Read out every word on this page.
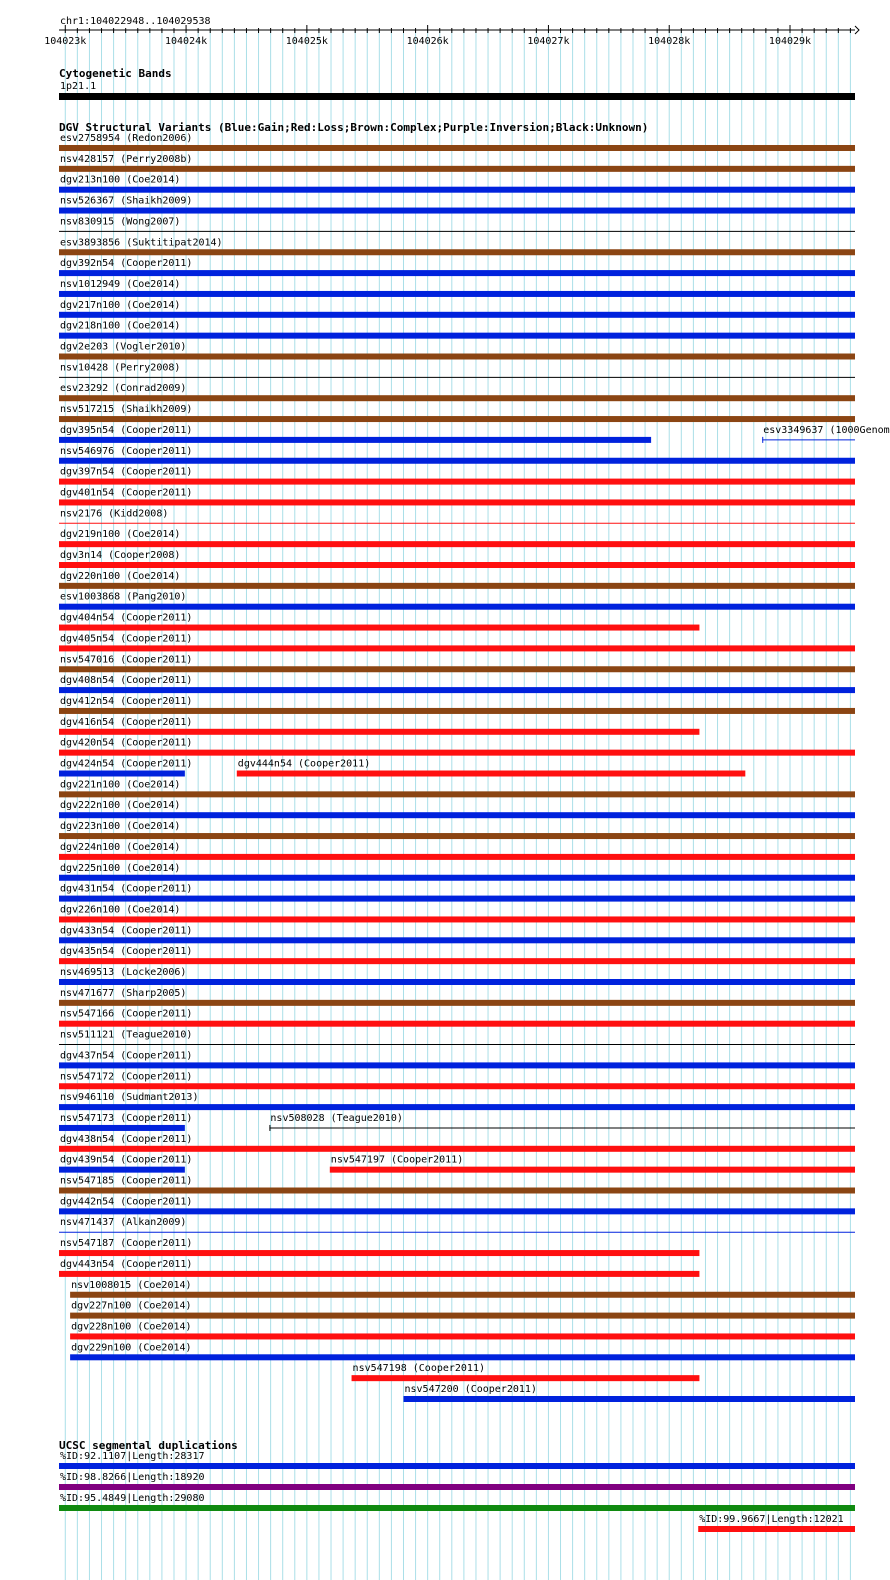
chr1:104022948..104029538
104023k	104024k	104025k	104026k	104027k	104028k	104029k
Cytogenetic Bands
1p21.1
DGV Structural Variants (Blue:Gain;Red:Loss;Brown:Complex;Purple:Inversion;Black:Unknown)
esv2758954 (Redon2006)
nsv428157 (Perry2008b)
dgv213n100 (Coe2014)
nsv526367 (Shaikh2009)
nsv830915 (Wong2007)
esv3893856 (Suktitipat2014)
dgv392n54 (Cooper2011)
nsv1012949 (Coe2014)
dgv217n100 (Coe2014)
dgv218n100 (Coe2014)
dgv2e203 (Vogler2010)
nsv10428 (Perry2008)
esv23292 (Conrad2009)
nsv517215 (Shaikh2009)
dgv395n54 (Cooper2011)	esv3349637 (1000Genom
nsv546976 (Cooper2011)
dgv397n54 (Cooper2011)
dgv401n54 (Cooper2011)
nsv2176 (Kidd2008)
dgv219n100 (Coe2014)
dgv3n14 (Cooper2008)
dgv220n100 (Coe2014)
esv1003868 (Pang2010)
dgv404n54 (Cooper2011)
dgv405n54 (Cooper2011)
nsv547016 (Cooper2011)
dgv408n54 (Cooper2011)
dgv412n54 (Cooper2011)
dgv416n54 (Cooper2011)
dgv420n54 (Cooper2011)
dgv424n54 (Cooper2011)	dgv444n54 (Cooper2011)
dgv221n100 (Coe2014)
dgv222n100 (Coe2014)
dgv223n100 (Coe2014)
dgv224n100 (Coe2014)
dgv225n100 (Coe2014)
dgv431n54 (Cooper2011)
dgv226n100 (Coe2014)
dgv433n54 (Cooper2011)
dgv435n54 (Cooper2011)
nsv469513 (Locke2006)
nsv471677 (Sharp2005)
nsv547166 (Cooper2011)
nsv511121 (Teague2010)
dgv437n54 (Cooper2011)
nsv547172 (Cooper2011)
nsv946110 (Sudmant2013)
nsv547173 (Cooper2011)	nsv508028 (Teague2010)
dgv438n54 (Cooper2011)
dgv439n54 (Cooper2011)	nsv547197 (Cooper2011)
nsv547185 (Cooper2011)
dgv442n54 (Cooper2011)
nsv471437 (Alkan2009)
nsv547187 (Cooper2011)
dgv443n54 (Cooper2011)
nsv1008015 (Coe2014)
dgv227n100 (Coe2014)
dgv228n100 (Coe2014)
dgv229n100 (Coe2014)
nsv547198 (Cooper2011)
nsv547200 (Cooper2011)
UCSC segmental duplications
%ID:92.1107|Length:28317
%ID:98.8266|Length:18920
%ID:95.4849|Length:29080
%ID:99.9667|Length:12021
